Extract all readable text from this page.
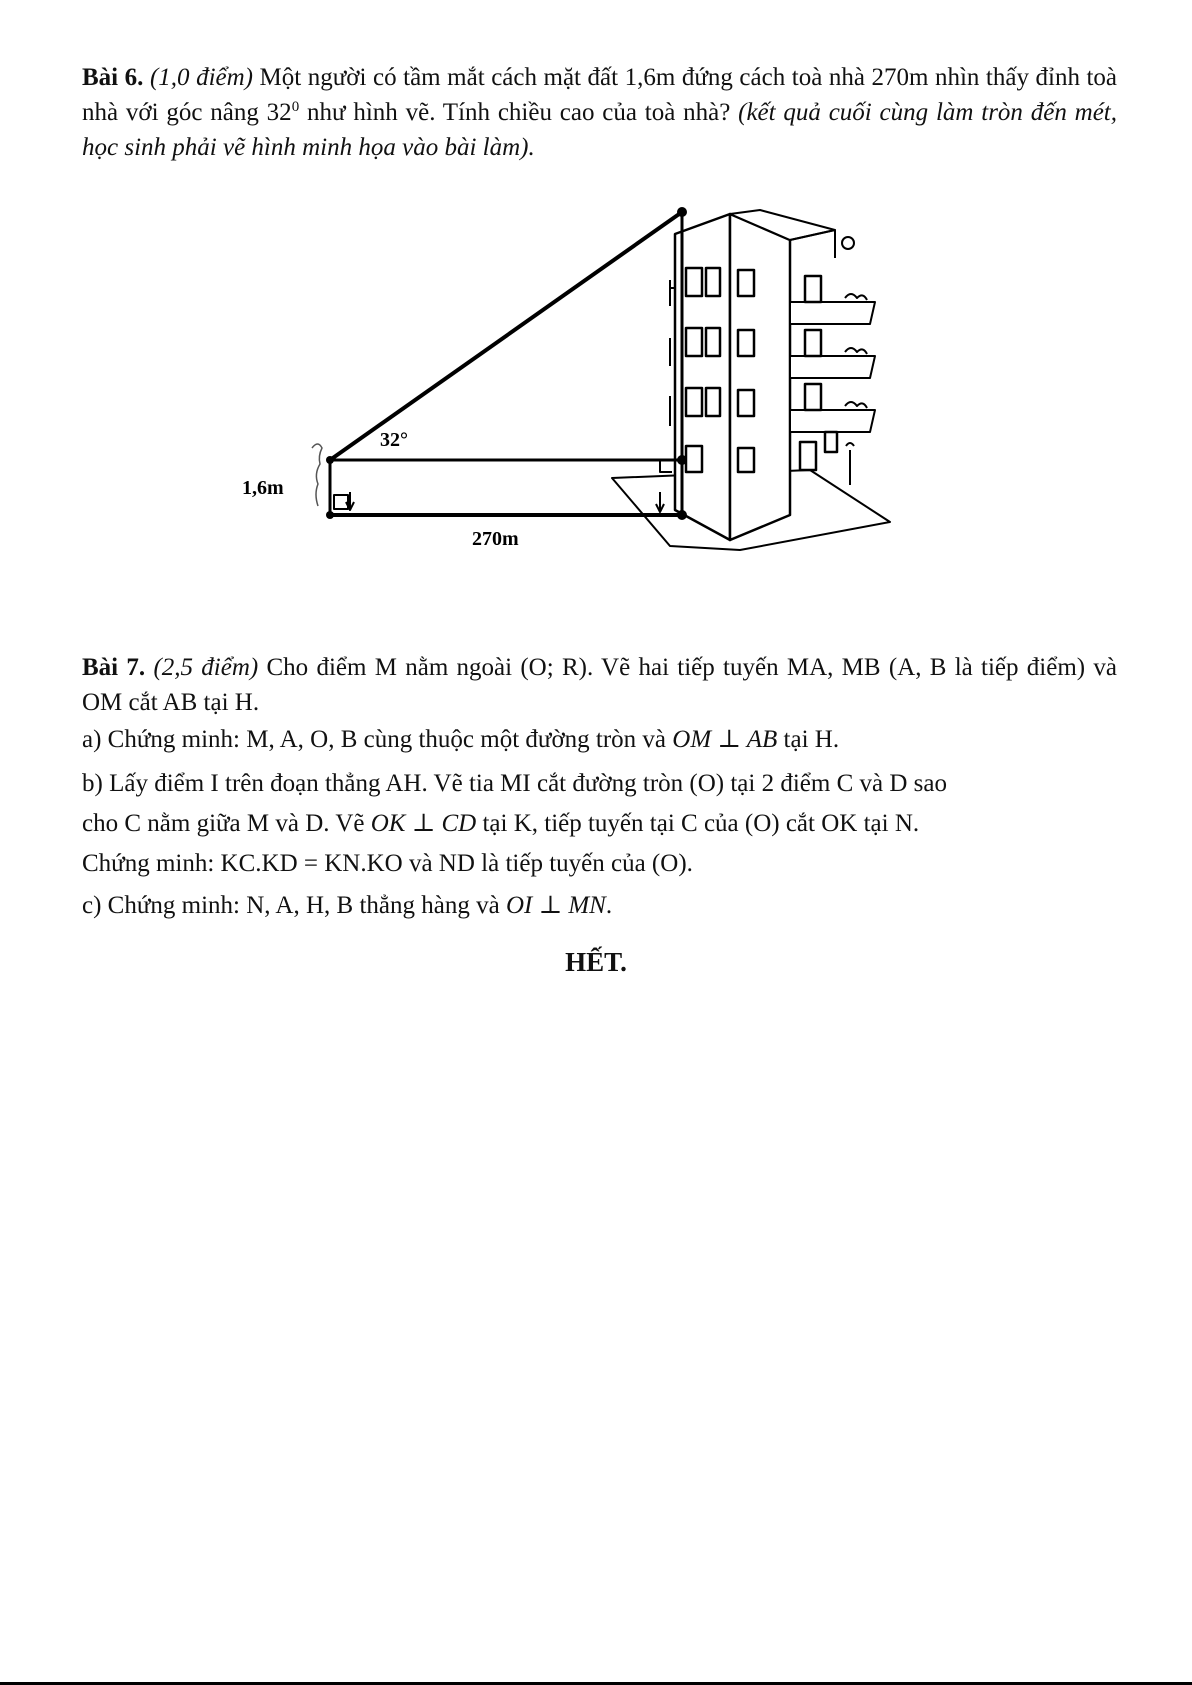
Bài 6. (1,0 điểm) Một người có tầm mắt cách mặt đất 1,6m đứng cách toà nhà 270m nhìn thấy đỉnh toà nhà với góc nâng $32^0$ như hình vẽ. Tính chiều cao của toà nhà? (kết quả cuối cùng làm tròn đến mét, học sinh phải vẽ hình minh họa vào bài làm).
32°
1,6m
270m
Bài 7. (2,5 điểm) Cho điểm M nằm ngoài (O; R). Vẽ hai tiếp tuyến MA, MB (A, B là tiếp điểm) và OM cắt AB tại H.
a) Chứng minh: M, A, O, B cùng thuộc một đường tròn và OM ⊥ AB tại H.
b) Lấy điểm I trên đoạn thẳng AH. Vẽ tia MI cắt đường tròn (O) tại 2 điểm C và D sao
cho C nằm giữa M và D. Vẽ OK ⊥ CD tại K, tiếp tuyến tại C của (O) cắt OK tại N.
Chứng minh: KC.KD = KN.KO và ND là tiếp tuyến của (O).
c) Chứng minh: N, A, H, B thẳng hàng và OI ⊥ MN.
HẾT.
